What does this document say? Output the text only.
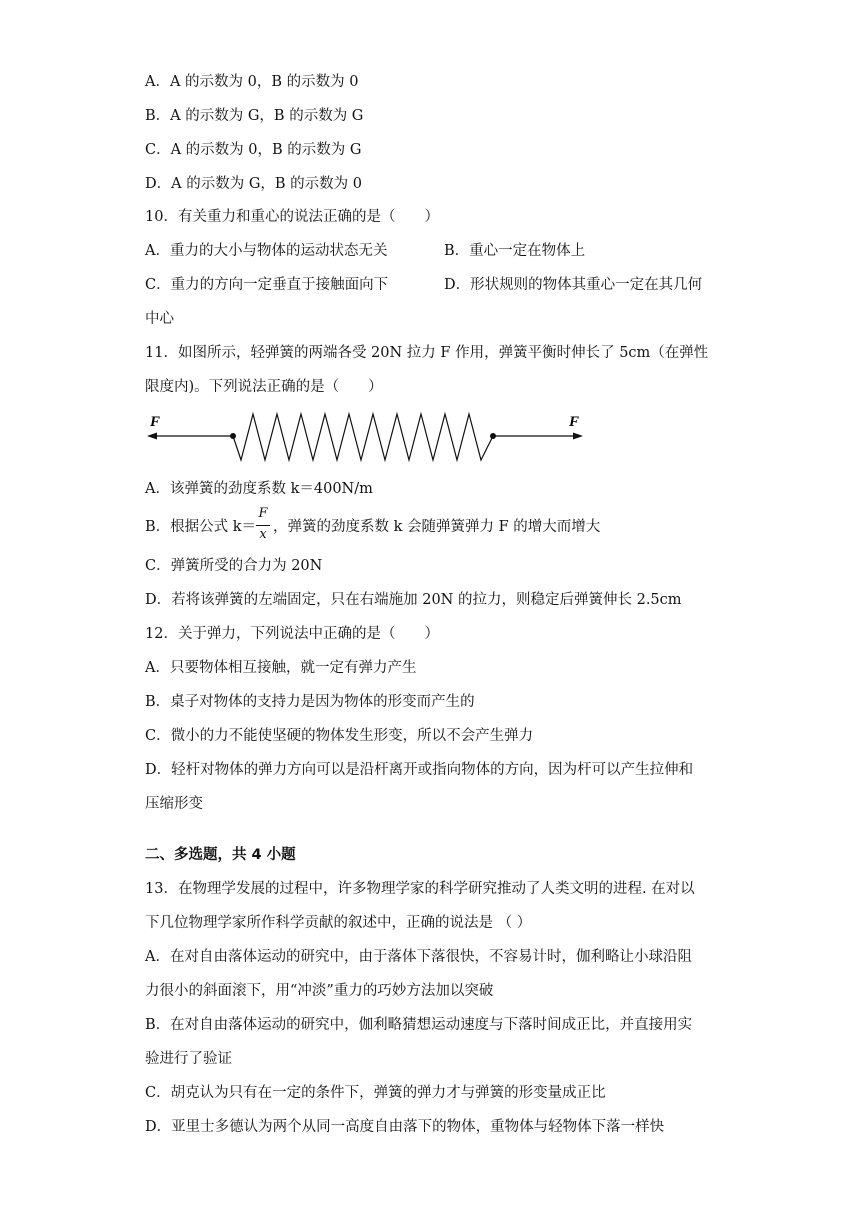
A．A 的示数为 0，B 的示数为 0
B．A 的示数为 G，B 的示数为 G
C．A 的示数为 0，B 的示数为 G
D．A 的示数为 G，B 的示数为 0
10．有关重力和重心的说法正确的是（　　）
A．重力的大小与物体的运动状态无关	B．重心一定在物体上
C．重力的方向一定垂直于接触面向下	D．形状规则的物体其重心一定在其几何
中心
11．如图所示，轻弹簧的两端各受 20N 拉力 F 作用，弹簧平衡时伸长了 5cm（在弹性
限度内)。下列说法正确的是（　　）
F	F
A．该弹簧的劲度系数 k＝400N/m
B．根据公式 k＝
F
x ，弹簧的劲度系数 k 会随弹簧弹力 F 的增大而增大
C．弹簧所受的合力为 20N
D．若将该弹簧的左端固定，只在右端施加 20N 的拉力，则稳定后弹簧伸长 2.5cm
12．关于弹力，下列说法中正确的是（　　）
A．只要物体相互接触，就一定有弹力产生
B．桌子对物体的支持力是因为物体的形变而产生的
C．微小的力不能使坚硬的物体发生形变，所以不会产生弹力
D．轻杆对物体的弹力方向可以是沿杆离开或指向物体的方向，因为杆可以产生拉伸和
压缩形变
二、多选题，共 4 小题
13．在物理学发展的过程中，许多物理学家的科学研究推动了人类文明的进程. 在对以
下几位物理学家所作科学贡献的叙述中，正确的说法是 （ ）
A．在对自由落体运动的研究中，由于落体下落很快，不容易计时，伽利略让小球沿阻
力很小的斜面滚下，用“冲淡”重力的巧妙方法加以突破
B．在对自由落体运动的研究中，伽利略猜想运动速度与下落时间成正比，并直接用实
验进行了验证
C．胡克认为只有在一定的条件下，弹簧的弹力才与弹簧的形变量成正比
D．亚里士多德认为两个从同一高度自由落下的物体，重物体与轻物体下落一样快
